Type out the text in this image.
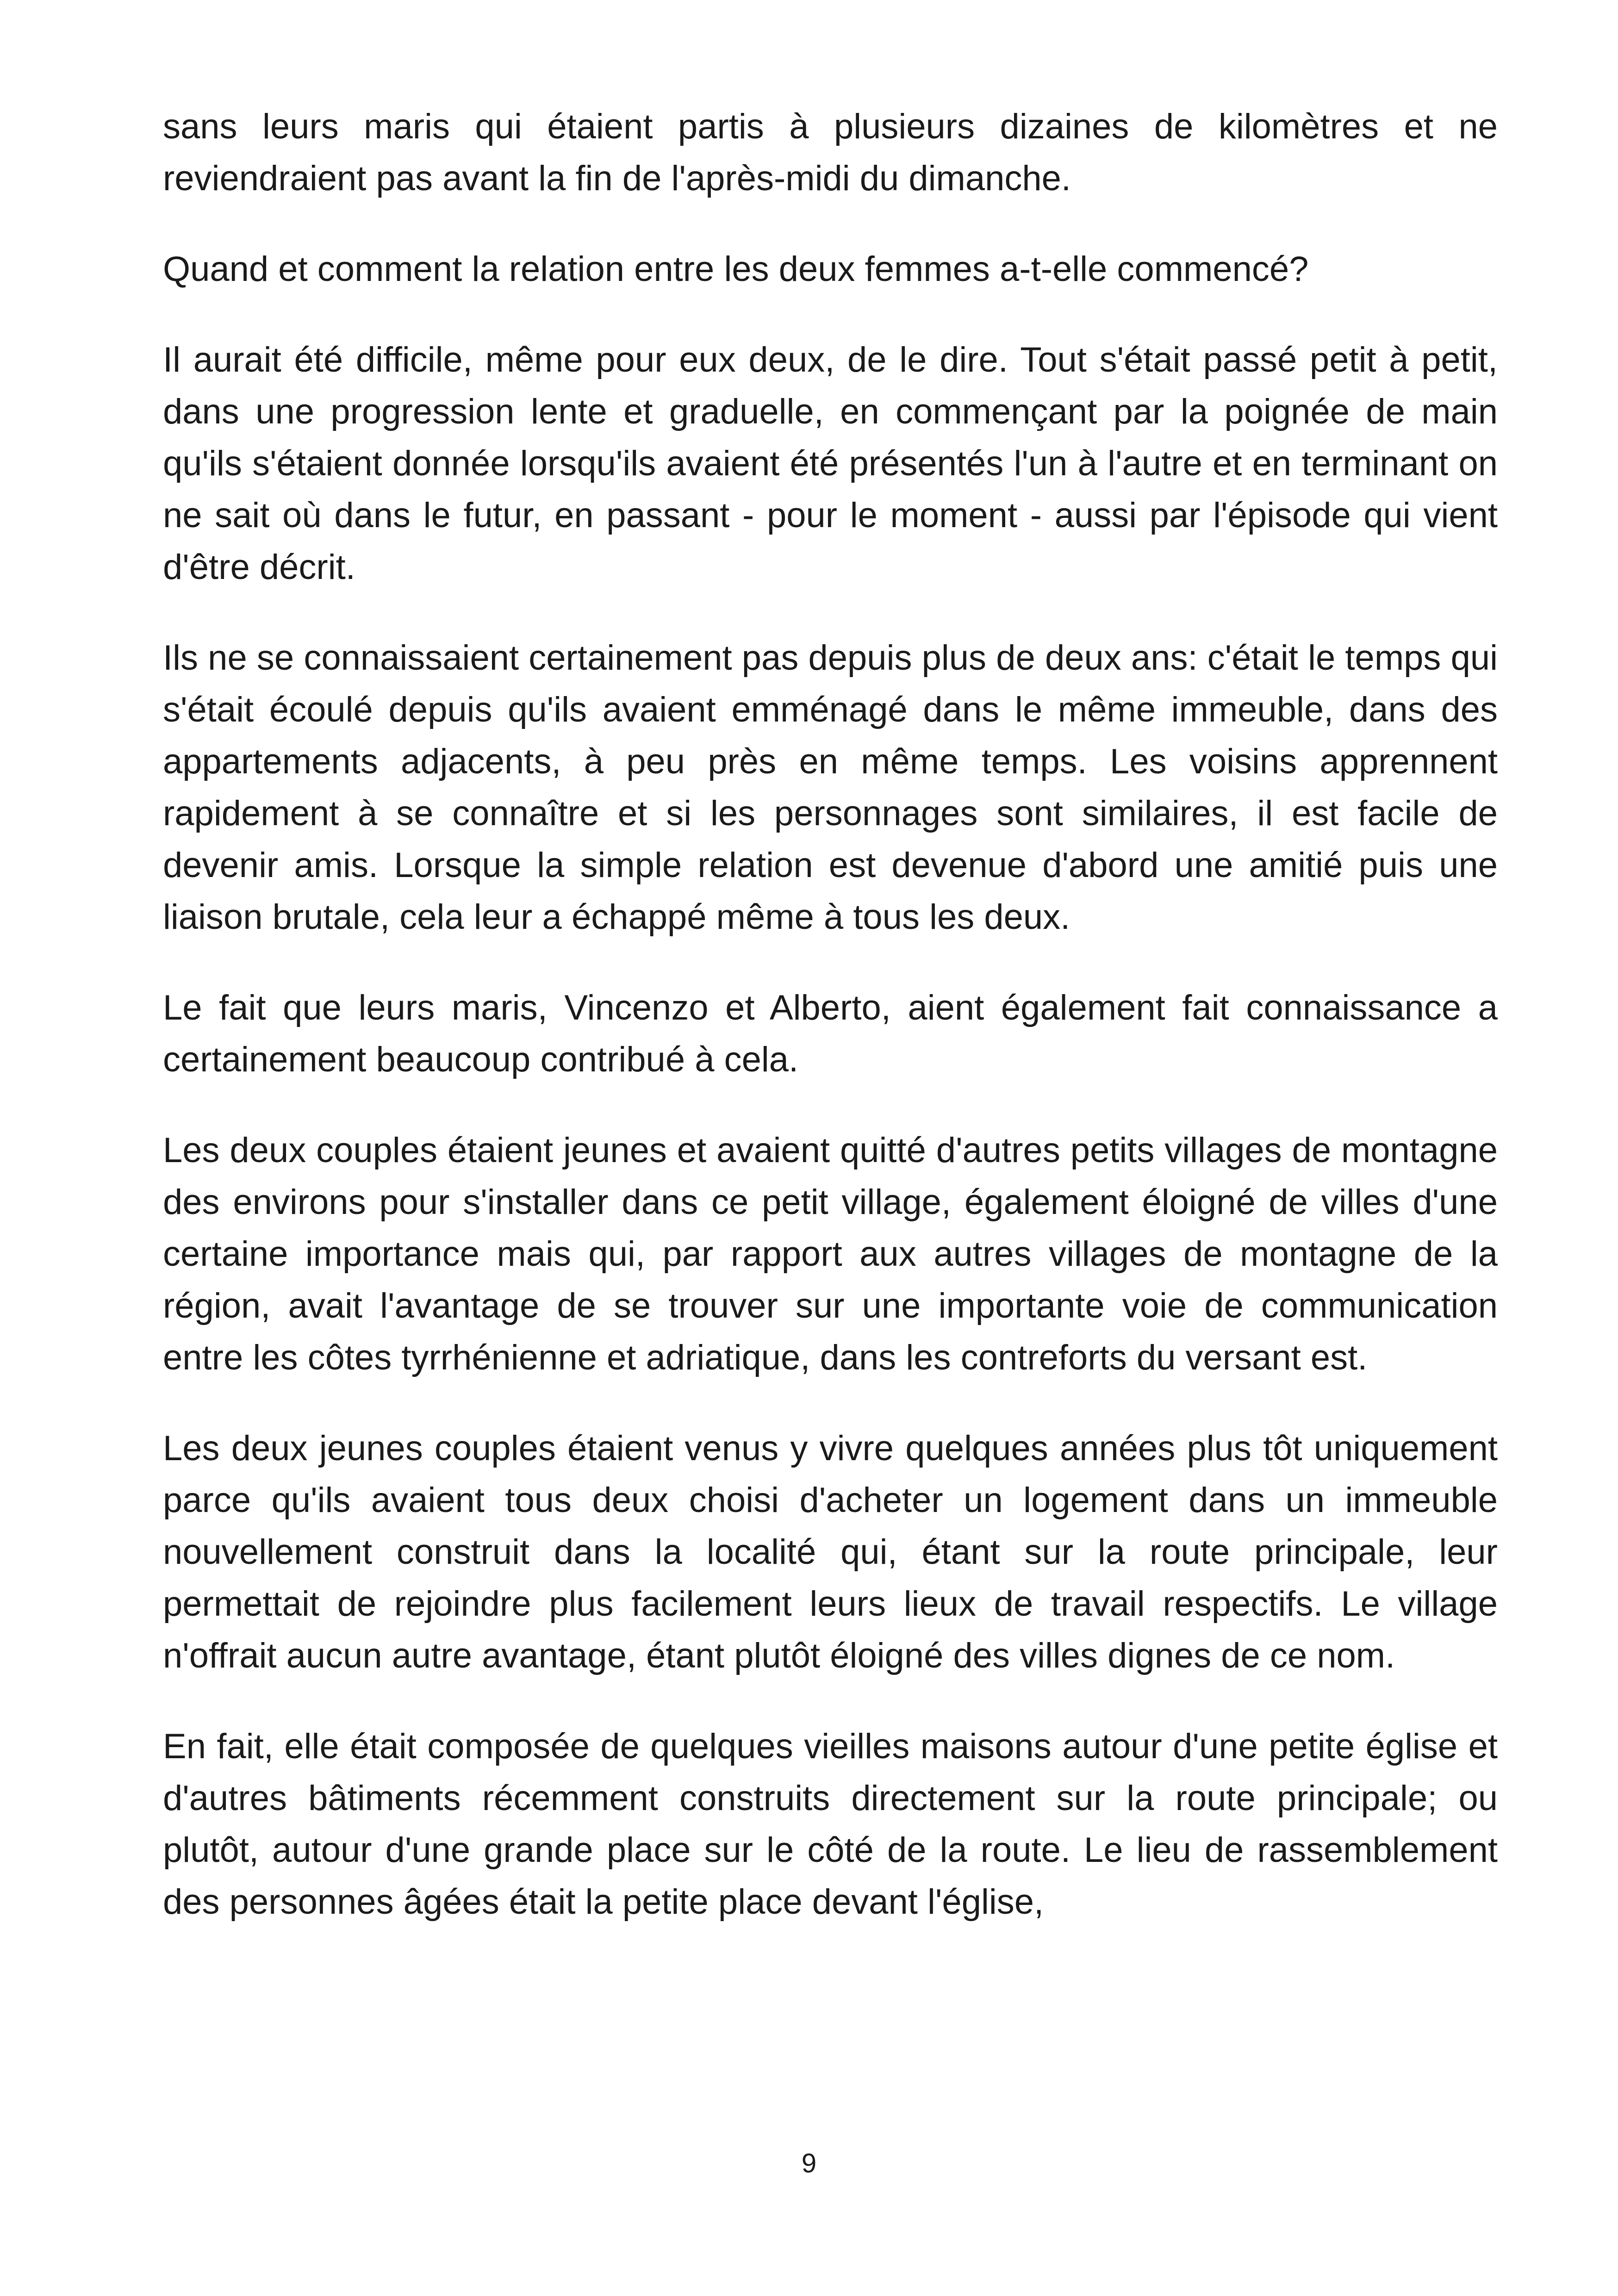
sans leurs maris qui étaient partis à plusieurs dizaines de kilomètres et ne reviendraient pas avant la fin de l'après-midi du dimanche.

Quand et comment la relation entre les deux femmes a-t-elle commencé?

Il aurait été difficile, même pour eux deux, de le dire. Tout s'était passé petit à petit, dans une progression lente et graduelle, en commençant par la poignée de main qu'ils s'étaient donnée lorsqu'ils avaient été présentés l'un à l'autre et en terminant on ne sait où dans le futur, en passant - pour le moment - aussi par l'épisode qui vient d'être décrit.

Ils ne se connaissaient certainement pas depuis plus de deux ans: c'était le temps qui s'était écoulé depuis qu'ils avaient emménagé dans le même immeuble, dans des appartements adjacents, à peu près en même temps. Les voisins apprennent rapidement à se connaître et si les personnages sont similaires, il est facile de devenir amis. Lorsque la simple relation est devenue d'abord une amitié puis une liaison brutale, cela leur a échappé même à tous les deux.

Le fait que leurs maris, Vincenzo et Alberto, aient également fait connaissance a certainement beaucoup contribué à cela.

Les deux couples étaient jeunes et avaient quitté d'autres petits villages de montagne des environs pour s'installer dans ce petit village, également éloigné de villes d'une certaine importance mais qui, par rapport aux autres villages de montagne de la région, avait l'avantage de se trouver sur une importante voie de communication entre les côtes tyrrhénienne et adriatique, dans les contreforts du versant est.

Les deux jeunes couples étaient venus y vivre quelques années plus tôt uniquement parce qu'ils avaient tous deux choisi d'acheter un logement dans un immeuble nouvellement construit dans la localité qui, étant sur la route principale, leur permettait de rejoindre plus facilement leurs lieux de travail respectifs. Le village n'offrait aucun autre avantage, étant plutôt éloigné des villes dignes de ce nom.

En fait, elle était composée de quelques vieilles maisons autour d'une petite église et d'autres bâtiments récemment construits directement sur la route principale; ou plutôt, autour d'une grande place sur le côté de la route. Le lieu de rassemblement des personnes âgées était la petite place devant l'église,

9
